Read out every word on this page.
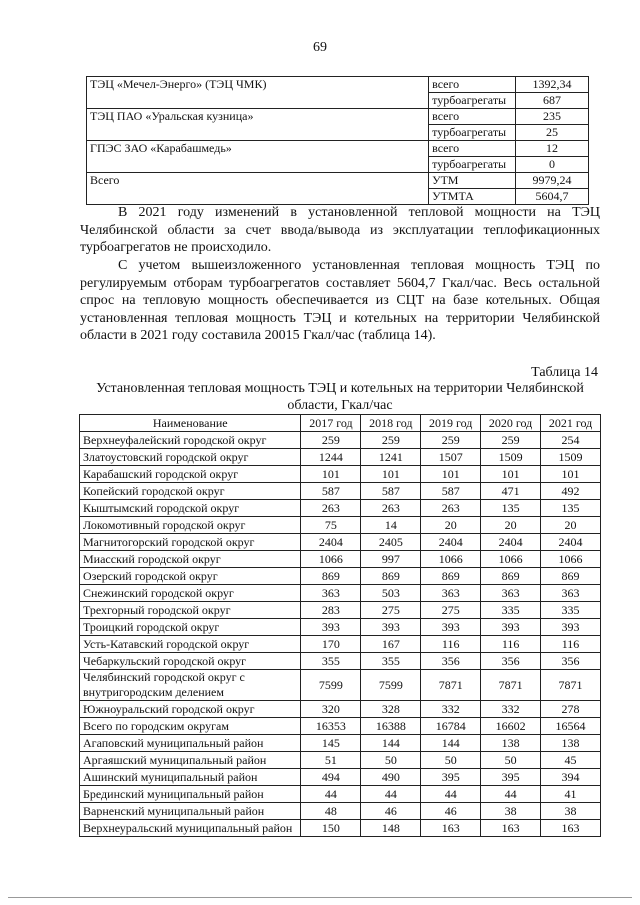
69
ТЭЦ «Мечел-Энерго» (ТЭЦ ЧМК)	всего	1392,34
	турбоагрегаты	687
ТЭЦ ПАО «Уральская кузница»	всего	235
	турбоагрегаты	25
ГПЭС ЗАО «Карабашмедь»	всего	12
	турбоагрегаты	0
Всего	УТМ	9979,24
	УТМТА	5604,7

В 2021 году изменений в установленной тепловой мощности на ТЭЦ Челябинской области за счет ввода/вывода из эксплуатации теплофикационных турбоагрегатов не происходило.

С учетом вышеизложенного установленная тепловая мощность ТЭЦ по регулируемым отборам турбоагрегатов составляет 5604,7 Гкал/час. Весь остальной спрос на тепловую мощность обеспечивается из СЦТ на базе котельных. Общая установленная тепловая мощность ТЭЦ и котельных на территории Челябинской области в 2021 году составила 20015 Гкал/час (таблица 14).

Таблица 14
Установленная тепловая мощность ТЭЦ и котельных на территории Челябинской области, Гкал/час
Наименование	2017 год	2018 год	2019 год	2020 год	2021 год
Верхнеуфалейский городской округ	259	259	259	259	254
Златоустовский городской округ	1244	1241	1507	1509	1509
Карабашский городской округ	101	101	101	101	101
Копейский городской округ	587	587	587	471	492
Кыштымский городской округ	263	263	263	135	135
Локомотивный городской округ	75	14	20	20	20
Магнитогорский городской округ	2404	2405	2404	2404	2404
Миасский городской округ	1066	997	1066	1066	1066
Озерский городской округ	869	869	869	869	869
Снежинский городской округ	363	503	363	363	363
Трехгорный городской округ	283	275	275	335	335
Троицкий городской округ	393	393	393	393	393
Усть-Катавский городской округ	170	167	116	116	116
Чебаркульский городской округ	355	355	356	356	356
Челябинский городской округ с внутригородским делением	7599	7599	7871	7871	7871
Южноуральский городской округ	320	328	332	332	278
Всего по городским округам	16353	16388	16784	16602	16564
Агаповский муниципальный район	145	144	144	138	138
Аргаяшский муниципальный район	51	50	50	50	45
Ашинский муниципальный район	494	490	395	395	394
Брединский муниципальный район	44	44	44	44	41
Варненский муниципальный район	48	46	46	38	38
Верхнеуральский муниципальный район	150	148	163	163	163
